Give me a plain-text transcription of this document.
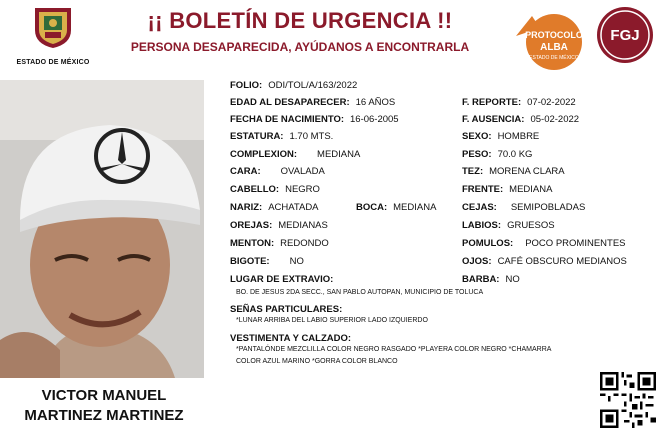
ESTADO DE MÉXICO
¡¡ BOLETÍN DE URGENCIA !!
PERSONA DESAPARECIDA, AYÚDANOS A ENCONTRARLA
PROTOCOLO
ALBA
ESTADO DE MÉXICO
FGJ
VICTOR MANUEL
MARTINEZ MARTINEZ
FOLIO: ODI/TOL/A/163/2022
EDAD AL DESAPARECER: 16 AÑOS	F. REPORTE: 07-02-2022
FECHA DE NACIMIENTO: 16-06-2005	F. AUSENCIA: 05-02-2022
ESTATURA: 1.70 MTS.	SEXO: HOMBRE
COMPLEXION: MEDIANA	PESO: 70.0 KG
CARA: OVALADA	TEZ: MORENA CLARA
CABELLO: NEGRO	FRENTE: MEDIANA
NARIZ: ACHATADA	BOCA: MEDIANA	CEJAS: SEMIPOBLADAS
OREJAS: MEDIANAS	LABIOS: GRUESOS
MENTON: REDONDO	POMULOS: POCO PROMINENTES
BIGOTE: NO	OJOS: CAFÉ OBSCURO MEDIANOS
LUGAR DE EXTRAVIO:	BARBA: NO
BO. DE JESUS 2DA SECC., SAN PABLO AUTOPAN, MUNICIPIO DE TOLUCA
SEÑAS PARTICULARES:
*LUNAR ARRIBA DEL LABIO SUPERIOR LADO IZQUIERDO
VESTIMENTA Y CALZADO:
*PANTALÓNDE MEZCLILLA COLOR NEGRO RASGADO *PLAYERA COLOR NEGRO *CHAMARRA
COLOR AZUL MARINO *GORRA COLOR BLANCO
